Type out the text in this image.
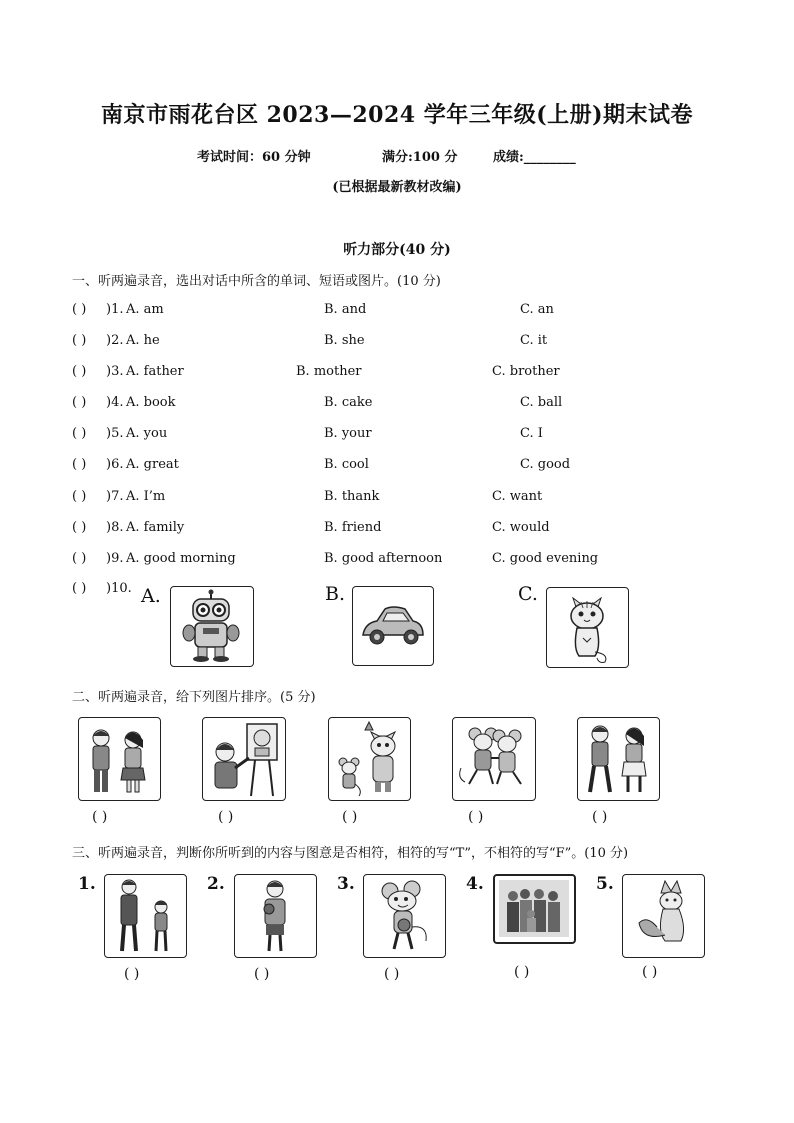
南京市雨花台区 2023—2024 学年三年级(上册)期末试卷
考试时间：60 分钟	满分:100 分	成绩:________
(已根据最新教材改编)
听力部分(40 分)
一、听两遍录音，选出对话中所含的单词、短语或图片。(10 分)
( ) )1. A. am	B. and	C. an
( ) )2. A. he	B. she	C. it
( ) )3. A. father	B. mother	C. brother
( ) )4. A. book	B. cake	C. ball
( ) )5. A. you	B. your	C. I
( ) )6. A. great	B. cool	C. good
( ) )7. A. I’m	B. thank	C. want
( ) )8. A. family	B. friend	C. would
( ) )9. A. good morning	B. good afternoon	C. good evening
( ) )10. A.	B.	C.
二、听两遍录音，给下列图片排序。(5 分)
( )	( )	( )	( )	( )
三、听两遍录音，判断你所听到的内容与图意是否相符，相符的写“T”，不相符的写“F”。(10 分)
1.	2.	3.	4.	5.
( )	( )	( )	( )	( )
